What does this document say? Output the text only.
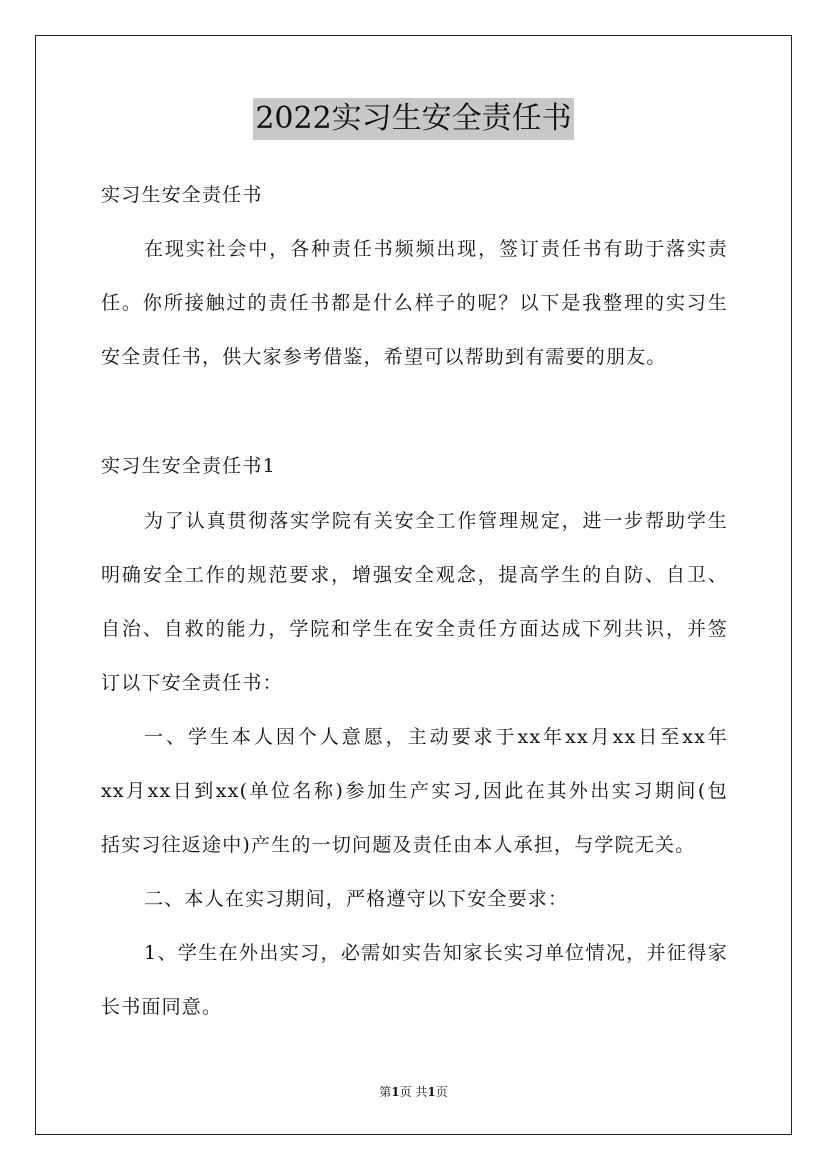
2022实习生安全责任书
实习生安全责任书
在现实社会中，各种责任书频频出现，签订责任书有助于落实责
任。你所接触过的责任书都是什么样子的呢？以下是我整理的实习生
安全责任书，供大家参考借鉴，希望可以帮助到有需要的朋友。
实习生安全责任书1
为了认真贯彻落实学院有关安全工作管理规定，进一步帮助学生
明确安全工作的规范要求，增强安全观念，提高学生的自防、自卫、
自治、自救的能力，学院和学生在安全责任方面达成下列共识，并签
订以下安全责任书：
一、学生本人因个人意愿，主动要求于xx年xx月xx日至xx年
xx月xx日到xx(单位名称)参加生产实习,因此在其外出实习期间(包
括实习往返途中)产生的一切问题及责任由本人承担，与学院无关。
二、本人在实习期间，严格遵守以下安全要求：
1、学生在外出实习，必需如实告知家长实习单位情况，并征得家
长书面同意。
第1页 共1页
